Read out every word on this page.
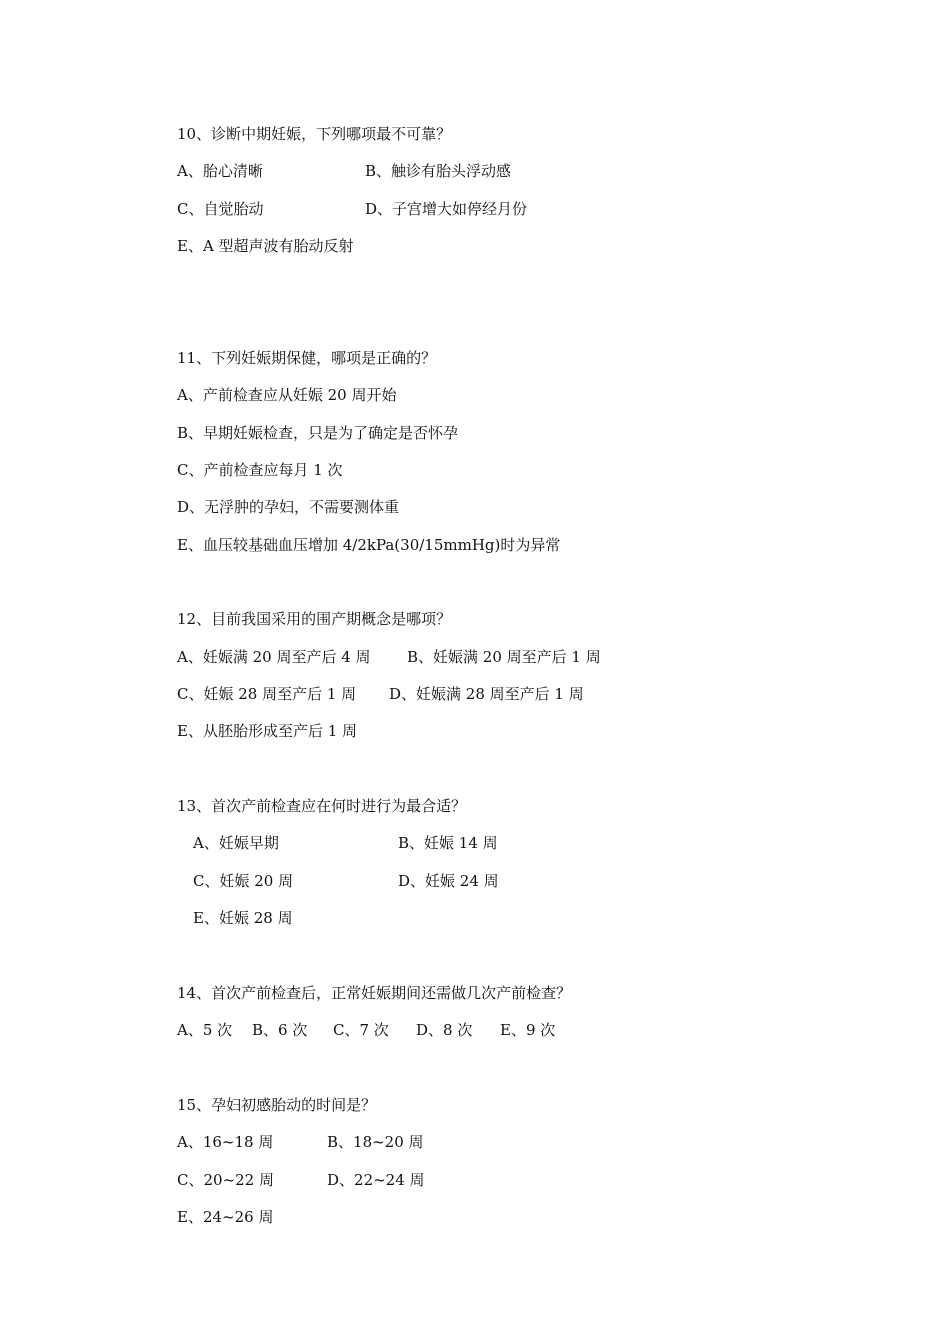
10、诊断中期妊娠，下列哪项最不可靠？

A、胎心清晰	B、触诊有胎头浮动感

C、自觉胎动	D、子宫增大如停经月份

E、A 型超声波有胎动反射

11、下列妊娠期保健，哪项是正确的？

A、产前检查应从妊娠 20 周开始

B、早期妊娠检查，只是为了确定是否怀孕

C、产前检查应每月 1 次

D、无浮肿的孕妇，不需要测体重

E、血压较基础血压增加 4/2kPa(30/15mmHg)时为异常

12、目前我国采用的围产期概念是哪项？

A、妊娠满 20 周至产后 4 周 B、妊娠满 20 周至产后 1 周

C、妊娠 28 周至产后 1 周 D、妊娠满 28 周至产后 1 周

E、从胚胎形成至产后 1 周

13、首次产前检查应在何时进行为最合适？

A、妊娠早期	B、妊娠 14 周

C、妊娠 20 周	D、妊娠 24 周

E、妊娠 28 周

14、首次产前检查后，正常妊娠期间还需做几次产前检查？

A、5 次 B、6 次 C、7 次 D、8 次 E、9 次

15、孕妇初感胎动的时间是？

A、16~18 周	B、18~20 周

C、20~22 周	D、22~24 周

E、24~26 周
